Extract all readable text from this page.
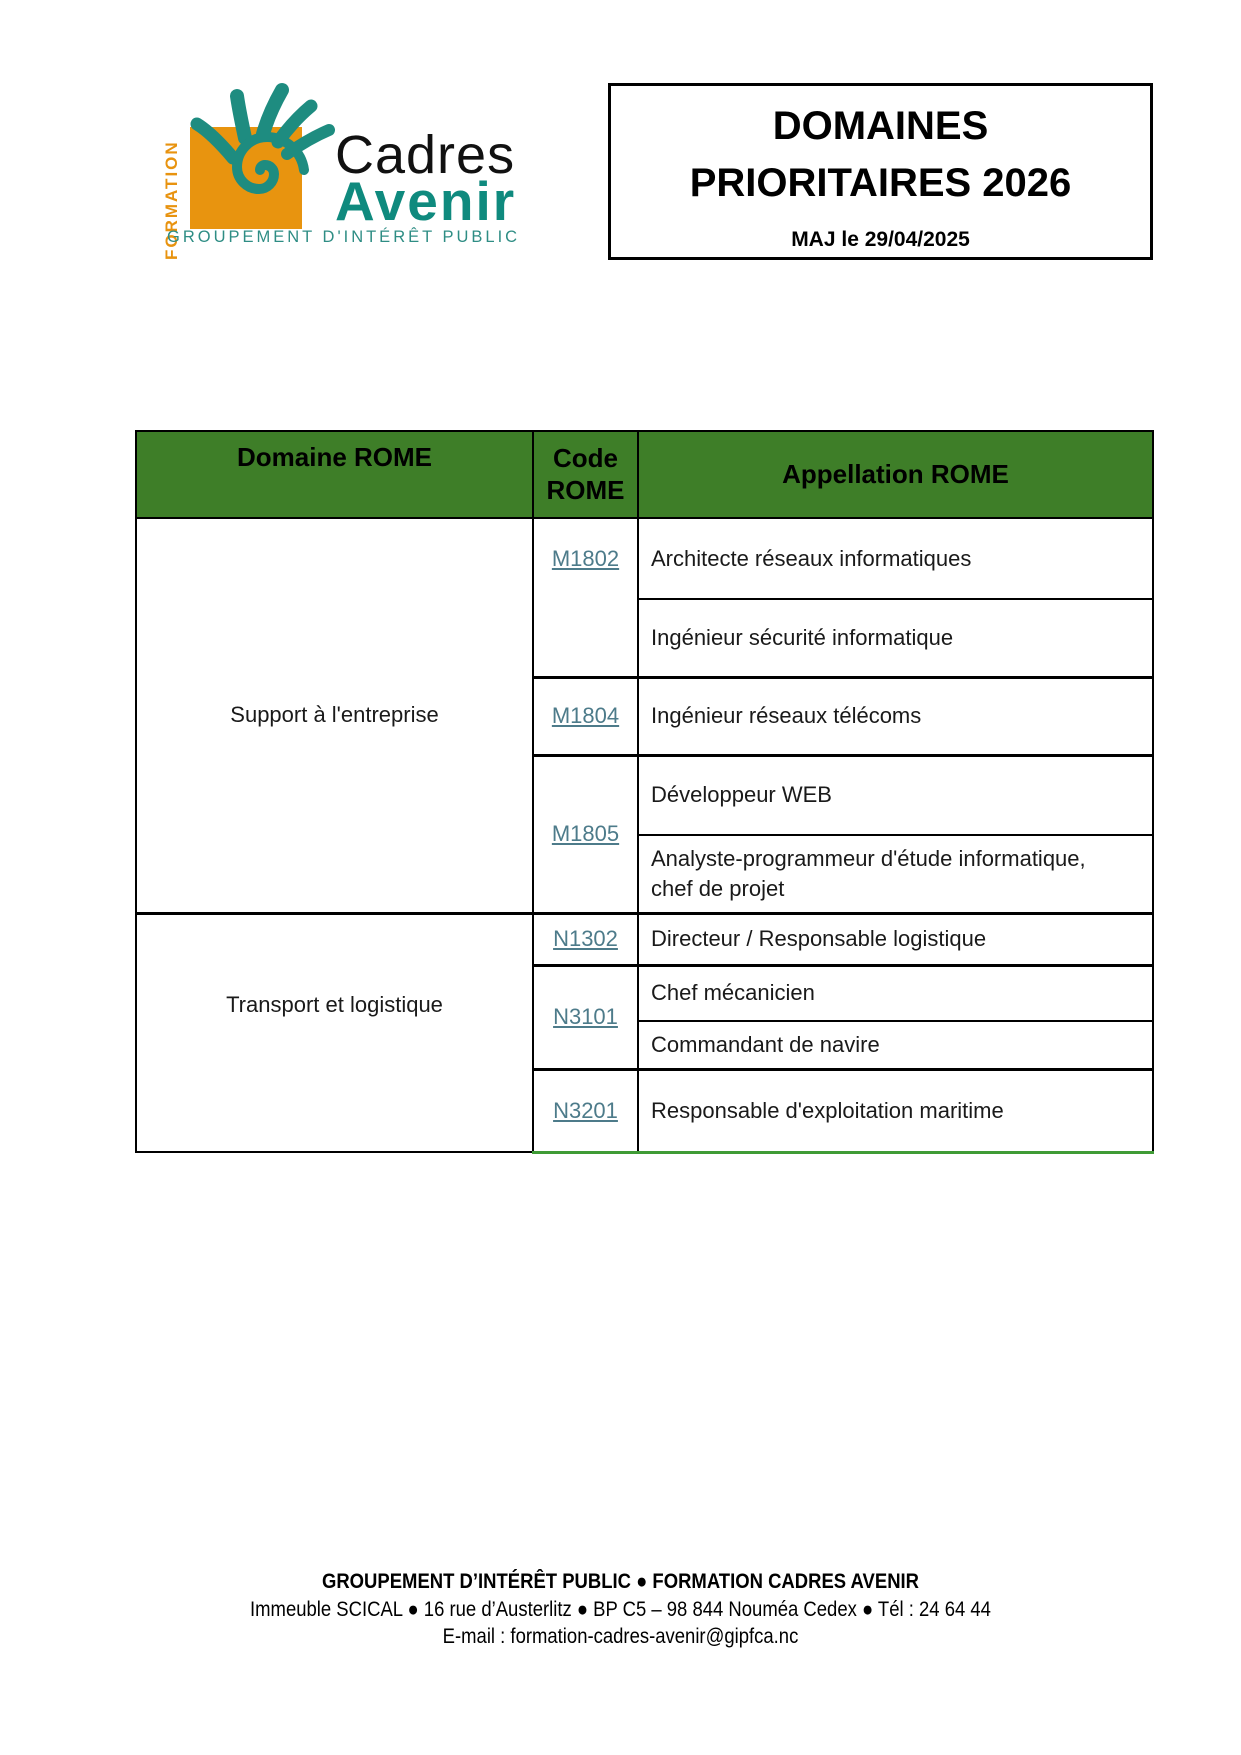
FORMATION	Cadres
Avenir
GROUPEMENT D'INTÉRÊT PUBLIC
DOMAINES
PRIORITAIRES 2026
MAJ le 29/04/2025
Domaine ROME	Code ROME	Appellation ROME
Support à l'entreprise	M1802	Architecte réseaux informatiques
		Ingénieur sécurité informatique
	M1804	Ingénieur réseaux télécoms
	M1805	Développeur WEB
		Analyste-programmeur d'étude informatique, chef de projet
Transport et logistique	N1302	Directeur / Responsable logistique
	N3101	Chef mécanicien
		Commandant de navire
	N3201	Responsable d'exploitation maritime
GROUPEMENT D’INTÉRÊT PUBLIC ● FORMATION CADRES AVENIR
Immeuble SCICAL ● 16 rue d’Austerlitz ● BP C5 – 98 844 Nouméa Cedex ● Tél : 24 64 44
E-mail : formation-cadres-avenir@gipfca.nc
